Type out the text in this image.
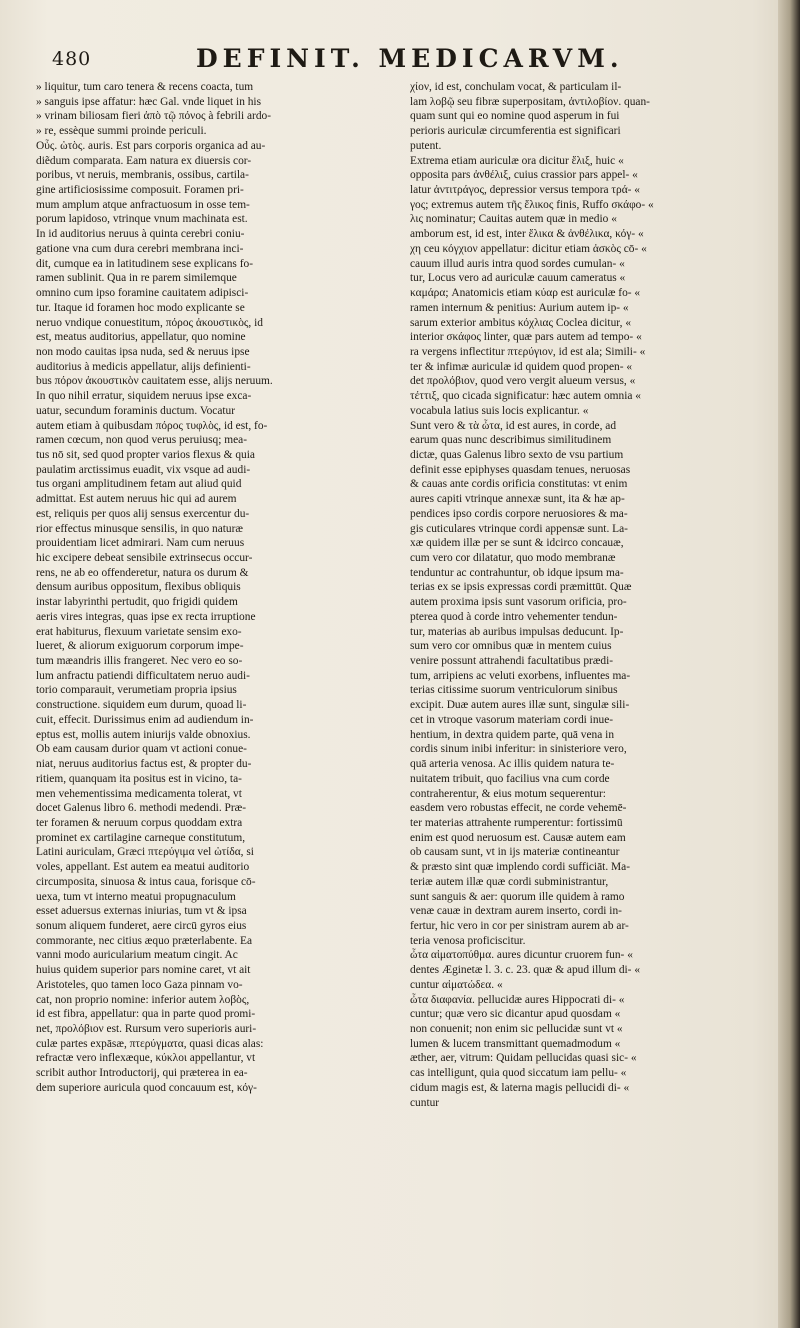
480	DEFINIT. MEDICARVM.
» liquitur, tum caro tenera & recens coacta, tum
» sanguis ipse affatur: hæc Gal. vnde liquet in his
» vrinam biliosam fieri ἀπὸ τῷ πόνος à febrili ardo-
» re, essèque summi proinde periculi.
Οὖς. ὠτὸς. auris. Est pars corporis organica ad au-
diẽdum comparata. Eam natura ex diuersis cor-
poribus, vt neruis, membranis, ossibus, cartila-
gine artificiosissime composuit. Foramen pri-
mum amplum atque anfractuosum in osse tem-
porum lapidoso, vtrinque vnum machinata est.
In id auditorius neruus à quinta cerebri coniu-
gatione vna cum dura cerebri membrana inci-
dit, cumque ea in latitudinem sese explicans fo-
ramen sublinit. Qua in re parem similemque
omnino cum ipso foramine cauitatem adipisci-
tur. Itaque id foramen hoc modo explicante se
neruo vndique conuestitum, πόρος ἀκουστικὸς, id
est, meatus auditorius, appellatur, quo nomine
non modo cauitas ipsa nuda, sed & neruus ipse
auditorius à medicis appellatur, alijs definienti-
bus πόρον ἀκουστικὸν cauitatem esse, alijs neruum.
In quo nihil erratur, siquidem neruus ipse exca-
uatur, secundum foraminis ductum. Vocatur
autem etiam à quibusdam πόρος τυφλὸς, id est, fo-
ramen cœcum, non quod verus peruiusq; mea-
tus nō sit, sed quod propter varios flexus & quia
paulatim arctissimus euadit, vix vsque ad audi-
tus organi amplitudinem fetam aut aliud quid
admittat. Est autem neruus hic qui ad aurem
est, reliquis per quos alij sensus exercentur du-
rior effectus minusque sensilis, in quo naturæ
prouidentiam licet admirari. Nam cum neruus
hic excipere debeat sensibile extrinsecus occur-
rens, ne ab eo offenderetur, natura os durum &
densum auribus oppositum, flexibus obliquis
instar labyrinthi pertudit, quo frigidi quidem
aeris vires integras, quas ipse ex recta irruptione
erat habiturus, flexuum varietate sensim exo-
lueret, & aliorum exiguorum corporum impe-
tum mæandris illis frangeret. Nec vero eo so-
lum anfractu patiendi difficultatem neruo audi-
torio comparauit, verumetiam propria ipsius
constructione. siquidem eum durum, quoad li-
cuit, effecit. Durissimus enim ad audiendum in-
eptus est, mollis autem iniurijs valde obnoxius.
Ob eam causam durior quam vt actioni conue-
niat, neruus auditorius factus est, & propter du-
ritiem, quanquam ita positus est in vicino, ta-
men vehementissima medicamenta tolerat, vt
docet Galenus libro 6. methodi medendi. Præ-
ter foramen & neruum corpus quoddam extra
prominet ex cartilagine carneque constitutum,
Latini auriculam, Græci πτερύγιμα vel ὠτίδα, si
voles, appellant. Est autem ea meatui auditorio
circumposita, sinuosa & intus caua, forisque cō-
uexa, tum vt interno meatui propugnaculum
esset aduersus externas iniurias, tum vt & ipsa
sonum aliquem funderet, aere circū gyros eius
commorante, nec citius æquo præterlabente. Ea
vanni modo auricularium meatum cingit. Ac
huius quidem superior pars nomine caret, vt ait
Aristoteles, quo tamen loco Gaza pinnam vo-
cat, non proprio nomine: inferior autem λοβὸς,
id est fibra, appellatur: qua in parte quod promi-
net, προλόβιον est. Rursum vero superioris auri-
culæ partes expāsæ, πτερύγματα, quasi dicas alas:
refractæ vero inflexæque, κύκλοι appellantur, vt
scribit author Introductorij, qui præterea in ea-
dem superiore auricula quod concauum est, κόγ-
χίον, id est, conchulam vocat, & particulam il-
lam λοβῷ seu fibræ superpositam, ἀντιλοβίον. quan-
quam sunt qui eo nomine quod asperum in fui
perioris auriculæ circumferentia est significari
putent.
Extrema etiam auriculæ ora dicitur ἕλιξ, huic «
opposita pars ἀνθέλιξ, cuius crassior pars appel- «
latur ἀντιτράγος, depressior versus tempora τρά- «
γος; extremus autem τῆς ἕλικος finis, Ruffo σκάφο- «
λις nominatur; Cauitas autem quæ in medio «
amborum est, id est, inter ἕλικα & ἀνθέλικα, κόγ- «
χη ceu κόγχιον appellatur: dicitur etiam ἀσκὸς cō- «
cauum illud auris intra quod sordes cumulan- «
tur, Locus vero ad auriculæ cauum cameratus «
καμάρα; Anatomicis etiam κύαρ est auriculæ fo- «
ramen internum & penitius: Aurium autem ip- «
sarum exterior ambitus κόχλιας Coclea dicitur, «
interior σκάφος linter, quæ pars autem ad tempo- «
ra vergens inflectitur πτερύγιον, id est ala; Simili- «
ter & infimæ auriculæ id quidem quod propen- «
det προλόβιον, quod vero vergit alueum versus, «
τέττιξ, quo cicada significatur: hæc autem omnia «
vocabula latius suis locis explicantur. «
Sunt vero & τὰ ὦτα, id est aures, in corde, ad
earum quas nunc describimus similitudinem
dictæ, quas Galenus libro sexto de vsu partium
definit esse epiphyses quasdam tenues, neruosas
& cauas ante cordis orificia constitutas: vt enim
aures capiti vtrinque annexæ sunt, ita & hæ ap-
pendices ipso cordis corpore neruosiores & ma-
gis cuticulares vtrinque cordi appensæ sunt. La-
xæ quidem illæ per se sunt & idcirco concauæ,
cum vero cor dilatatur, quo modo membranæ
tenduntur ac contrahuntur, ob idque ipsum ma-
terias ex se ipsis expressas cordi præmittūt. Quæ
autem proxima ipsis sunt vasorum orificia, pro-
pterea quod à corde intro vehementer tendun-
tur, materias ab auribus impulsas deducunt. Ip-
sum vero cor omnibus quæ in mentem cuius
venire possunt attrahendi facultatibus prædi-
tum, arripiens ac veluti exorbens, influentes ma-
terias citissime suorum ventriculorum sinibus
excipit. Duæ autem aures illæ sunt, singulæ sili-
cet in vtroque vasorum materiam cordi inue-
hentium, in dextra quidem parte, quā vena in
cordis sinum inibi inferitur: in sinisteriore vero,
quā arteria venosa. Ac illis quidem natura te-
nuitatem tribuit, quo facilius vna cum corde
contraherentur, & eius motum sequerentur:
easdem vero robustas effecit, ne corde vehemē-
ter materias attrahente rumperentur: fortissimū
enim est quod neruosum est. Causæ autem eam
ob causam sunt, vt in ijs materiæ contineantur
& præsto sint quæ implendo cordi sufficiāt. Ma-
teriæ autem illæ quæ cordi subministrantur,
sunt sanguis & aer: quorum ille quidem à ramo
venæ cauæ in dextram aurem inserto, cordi in-
fertur, hic vero in cor per sinistram aurem ab ar-
teria venosa proficiscitur.
ὦτα αἱματοπύθμα. aures dicuntur cruorem fun- «
dentes Æginetæ l. 3. c. 23. quæ & apud illum di- «
cuntur αἱματώδεα. «
ὦτα διαφανία. pellucidæ aures Hippocrati di- «
cuntur; quæ vero sic dicantur apud quosdam «
non conuenit; non enim sic pellucidæ sunt vt «
lumen & lucem transmittant quemadmodum «
æther, aer, vitrum: Quidam pellucidas quasi sic- «
cas intelligunt, quia quod siccatum iam pellu- «
cidum magis est, & laterna magis pellucidi di- «
cuntur
